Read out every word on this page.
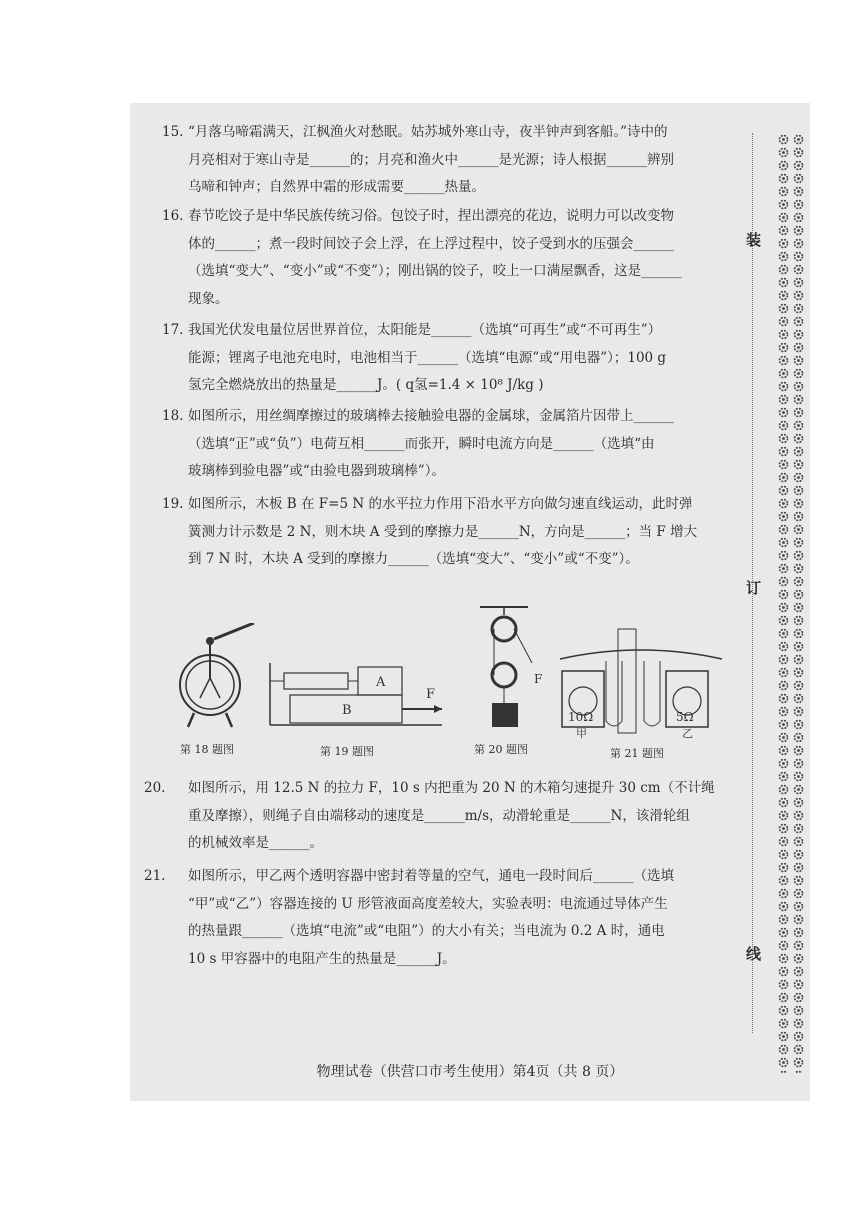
15. “月落乌啼霜满天，江枫渔火对愁眠。姑苏城外寒山寺，夜半钟声到客船。”诗中的
月亮相对于寒山寺是______的；月亮和渔火中______是光源；诗人根据______辨别
乌啼和钟声；自然界中霜的形成需要______热量。
16. 春节吃饺子是中华民族传统习俗。包饺子时，捏出漂亮的花边，说明力可以改变物
体的______；煮一段时间饺子会上浮，在上浮过程中，饺子受到水的压强会______
（选填“变大”、“变小”或“不变”）；刚出锅的饺子，咬上一口满屋飘香，这是______
现象。
17. 我国光伏发电量位居世界首位，太阳能是______（选填“可再生”或“不可再生”）
能源；锂离子电池充电时，电池相当于______（选填“电源”或“用电器”）；100 g
氢完全燃烧放出的热量是______J。( q氢=1.4 × 10⁸ J/kg )
18. 如图所示，用丝绸摩擦过的玻璃棒去接触验电器的金属球，金属箔片因带上______
（选填“正”或“负”）电荷互相______而张开，瞬时电流方向是______（选填“由
玻璃棒到验电器”或“由验电器到玻璃棒”）。
19. 如图所示，木板 B 在 F=5 N 的水平拉力作用下沿水平方向做匀速直线运动，此时弹
簧测力计示数是 2 N，则木块 A 受到的摩擦力是______N，方向是______；当 F 增大
到 7 N 时，木块 A 受到的摩擦力______（选填“变大”、“变小”或“不变”）。
第 18 题图
A
B
F
第 19 题图
F
第 20 题图
10Ω	5Ω
甲	乙
第 21 题图
20. 如图所示，用 12.5 N 的拉力 F，10 s 内把重为 20 N 的木箱匀速提升 30 cm（不计绳
重及摩擦），则绳子自由端移动的速度是______m/s，动滑轮重是______N，该滑轮组
的机械效率是______。
21. 如图所示，甲乙两个透明容器中密封着等量的空气，通电一段时间后______（选填
“甲”或“乙”）容器连接的 U 形管液面高度差较大，实验表明：电流通过导体产生
的热量跟______（选填“电流”或“电阻”）的大小有关；当电流为 0.2 A 时，通电
10 s 甲容器中的电阻产生的热量是______J。
装
订
线
物理试卷（供营口市考生使用）第4页（共 8 页）
